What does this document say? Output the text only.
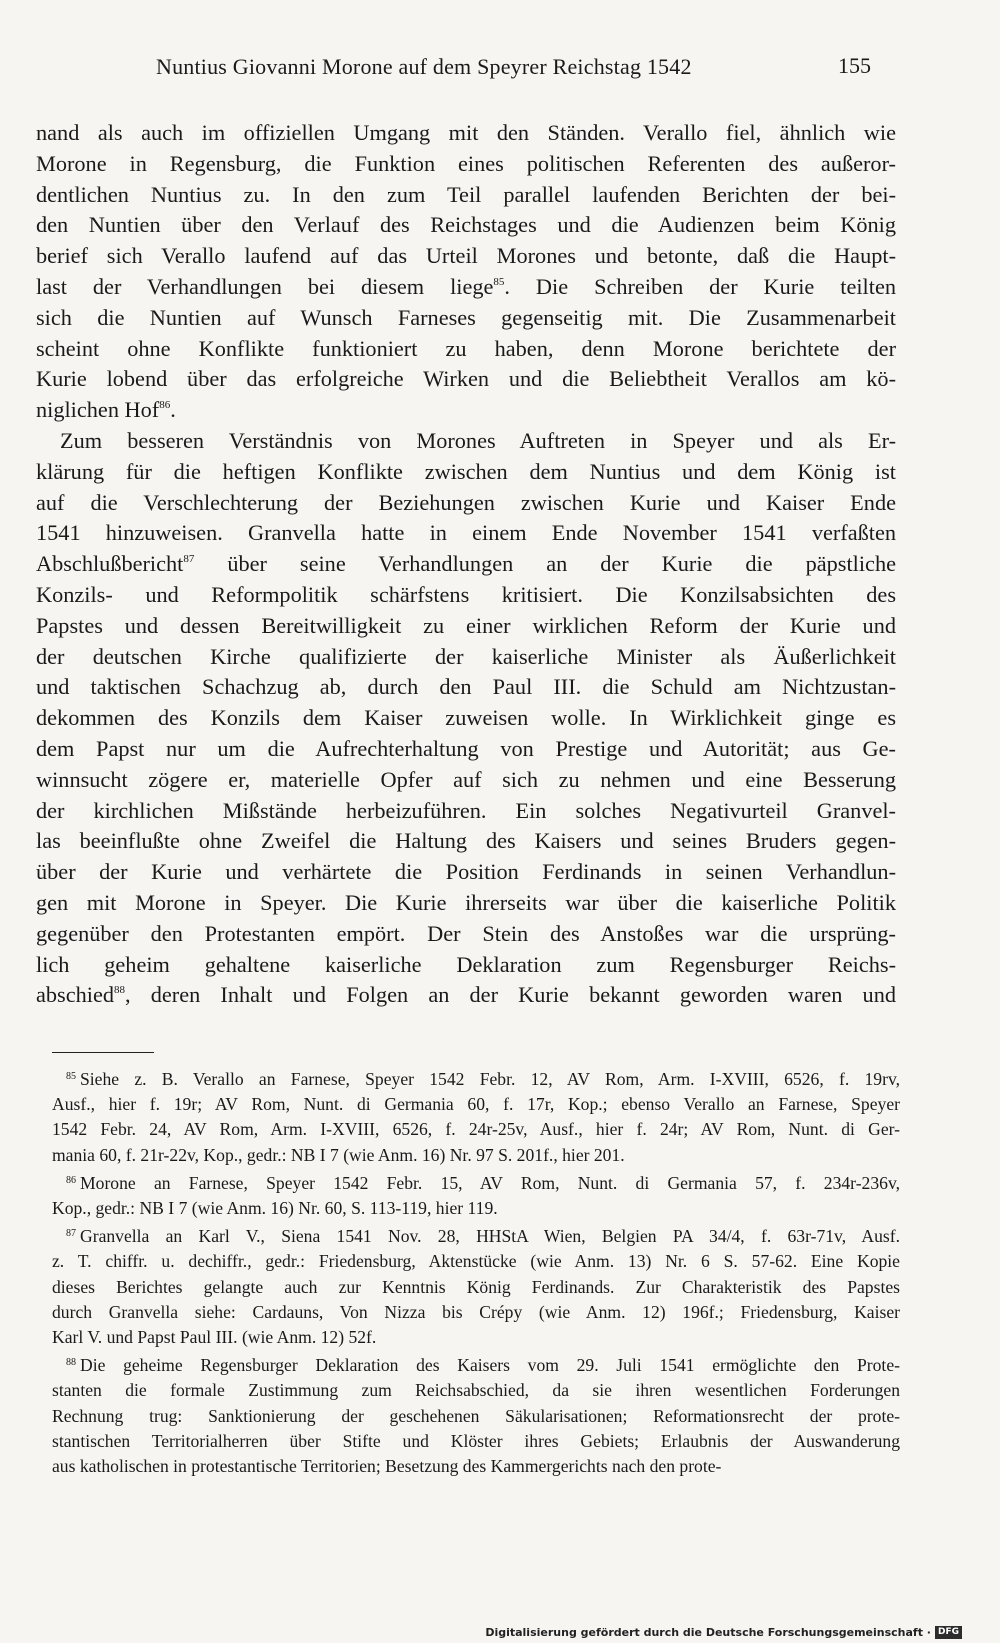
Nuntius Giovanni Morone auf dem Speyrer Reichstag 1542	155
nand als auch im offiziellen Umgang mit den Ständen. Verallo fiel, ähnlich wie
Morone in Regensburg, die Funktion eines politischen Referenten des außeror-
dentlichen Nuntius zu. In den zum Teil parallel laufenden Berichten der bei-
den Nuntien über den Verlauf des Reichstages und die Audienzen beim König
berief sich Verallo laufend auf das Urteil Morones und betonte, daß die Haupt-
last der Verhandlungen bei diesem liege$^{85}$. Die Schreiben der Kurie teilten
sich die Nuntien auf Wunsch Farneses gegenseitig mit. Die Zusammenarbeit
scheint ohne Konflikte funktioniert zu haben, denn Morone berichtete der
Kurie lobend über das erfolgreiche Wirken und die Beliebtheit Verallos am kö-
niglichen Hof$^{86}$.
Zum besseren Verständnis von Morones Auftreten in Speyer und als Er-
klärung für die heftigen Konflikte zwischen dem Nuntius und dem König ist
auf die Verschlechterung der Beziehungen zwischen Kurie und Kaiser Ende
1541 hinzuweisen. Granvella hatte in einem Ende November 1541 verfaßten
Abschlußbericht$^{87}$ über seine Verhandlungen an der Kurie die päpstliche
Konzils- und Reformpolitik schärfstens kritisiert. Die Konzilsabsichten des
Papstes und dessen Bereitwilligkeit zu einer wirklichen Reform der Kurie und
der deutschen Kirche qualifizierte der kaiserliche Minister als Äußerlichkeit
und taktischen Schachzug ab, durch den Paul III. die Schuld am Nichtzustan-
dekommen des Konzils dem Kaiser zuweisen wolle. In Wirklichkeit ginge es
dem Papst nur um die Aufrechterhaltung von Prestige und Autorität; aus Ge-
winnsucht zögere er, materielle Opfer auf sich zu nehmen und eine Besserung
der kirchlichen Mißstände herbeizuführen. Ein solches Negativurteil Granvel-
las beeinflußte ohne Zweifel die Haltung des Kaisers und seines Bruders gegen-
über der Kurie und verhärtete die Position Ferdinands in seinen Verhandlun-
gen mit Morone in Speyer. Die Kurie ihrerseits war über die kaiserliche Politik
gegenüber den Protestanten empört. Der Stein des Anstoßes war die ursprüng-
lich geheim gehaltene kaiserliche Deklaration zum Regensburger Reichs-
abschied$^{88}$, deren Inhalt und Folgen an der Kurie bekannt geworden waren und
$^{85}$ Siehe z. B. Verallo an Farnese, Speyer 1542 Febr. 12, AV Rom, Arm. I-XVIII, 6526, f. 19rv,
Ausf., hier f. 19r; AV Rom, Nunt. di Germania 60, f. 17r, Kop.; ebenso Verallo an Farnese, Speyer
1542 Febr. 24, AV Rom, Arm. I-XVIII, 6526, f. 24r-25v, Ausf., hier f. 24r; AV Rom, Nunt. di Ger-
mania 60, f. 21r-22v, Kop., gedr.: NB I 7 (wie Anm. 16) Nr. 97 S. 201f., hier 201.
$^{86}$ Morone an Farnese, Speyer 1542 Febr. 15, AV Rom, Nunt. di Germania 57, f. 234r-236v,
Kop., gedr.: NB I 7 (wie Anm. 16) Nr. 60, S. 113-119, hier 119.
$^{87}$ Granvella an Karl V., Siena 1541 Nov. 28, HHStA Wien, Belgien PA 34/4, f. 63r-71v, Ausf.
z. T. chiffr. u. dechiffr., gedr.: Friedensburg, Aktenstücke (wie Anm. 13) Nr. 6 S. 57-62. Eine Kopie
dieses Berichtes gelangte auch zur Kenntnis König Ferdinands. Zur Charakteristik des Papstes
durch Granvella siehe: Cardauns, Von Nizza bis Crépy (wie Anm. 12) 196f.; Friedensburg, Kaiser
Karl V. und Papst Paul III. (wie Anm. 12) 52f.
$^{88}$ Die geheime Regensburger Deklaration des Kaisers vom 29. Juli 1541 ermöglichte den Prote-
stanten die formale Zustimmung zum Reichsabschied, da sie ihren wesentlichen Forderungen
Rechnung trug: Sanktionierung der geschehenen Säkularisationen; Reformationsrecht der prote-
stantischen Territorialherren über Stifte und Klöster ihres Gebiets; Erlaubnis der Auswanderung
aus katholischen in protestantische Territorien; Besetzung des Kammergerichts nach den prote-
Digitalisierung gefördert durch die Deutsche Forschungsgemeinschaft · DFG
